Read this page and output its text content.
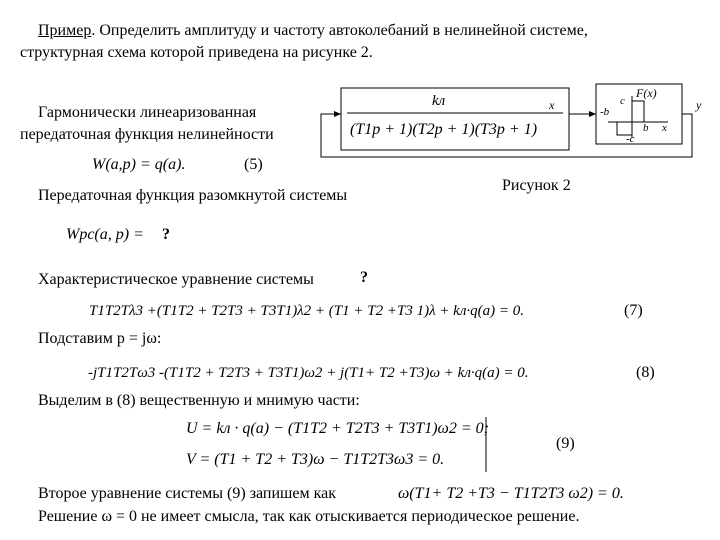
Пример. Определить амплитуду и частоту автоколебаний в нелинейной системе,
структурная схема которой приведена на рисунке 2.
Гармонически линеаризованная
передаточная функция нелинейности
W(a,p) = q(a).	(5)
kл
(T1p + 1)(T2p + 1)(T3p + 1)
x	y
F(x)
c
-b
b x
-c
Рисунок 2
Передаточная функция разомкнутой системы
Wрс(a, p) = ?
Характеристическое уравнение системы	?
T1T2Tλ3 +(T1T2 + T2T3 + T3T1)λ2 + (T1 + T2 +T3 1)λ + kл·q(a) = 0.	(7)
Подставим p = jω:
-jT1T2Tω3 -(T1T2 + T2T3 + T3T1)ω2 + j(T1+ T2 +T3)ω + kл·q(a) = 0.	(8)
Выделим в (8) вещественную и мнимую части:
U = kл · q(a) − (T1T2 + T2T3 + T3T1)ω2 = 0;
V = (T1 + T2 + T3)ω − T1T2T3ω3 = 0.
(9)
Второе уравнение системы (9) запишем как	ω(T1+ T2 +T3 − T1T2T3 ω2) = 0.
Решение ω = 0 не имеет смысла, так как отыскивается периодическое решение.
